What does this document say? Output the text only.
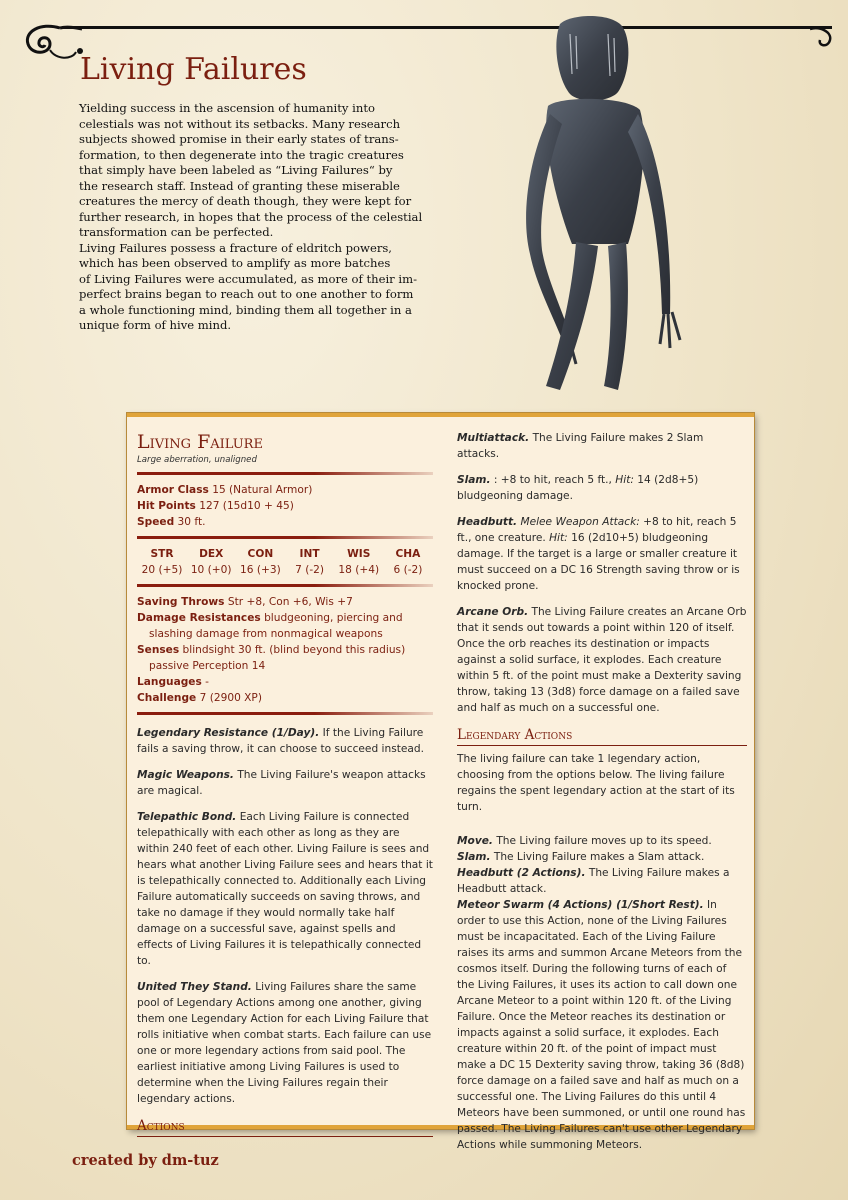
Living Failures

Yielding success in the ascension of humanity into
celestials was not without its setbacks. Many research
subjects showed promise in their early states of trans-
formation, to then degenerate into the tragic creatures
that simply have been labeled as “Living Failures“ by
the research staff. Instead of granting these miserable
creatures the mercy of death though, they were kept for
further research, in hopes that the process of the celestial
transformation can be perfected.
Living Failures possess a fracture of eldritch powers,
which has been observed to amplify as more batches
of Living Failures were accumulated, as more of their im-
perfect brains began to reach out to one another to form
a whole functioning mind, binding them all together in a
unique form of hive mind.

Living Failure
Large aberration, unaligned
Armor Class 15 (Natural Armor)
Hit Points 127 (15d10 + 45)
Speed 30 ft.
STR
20 (+5)
DEX
10 (+0)
CON
16 (+3)
INT
7 (-2)
WIS
18 (+4)
CHA
6 (-2)
Saving Throws Str +8, Con +6, Wis +7
Damage Resistances bludgeoning, piercing and
slashing damage from nonmagical weapons
Senses blindsight 30 ft. (blind beyond this radius)
passive Perception 14
Languages -
Challenge 7 (2900 XP)

Legendary Resistance (1/Day). If the Living Failure fails a saving throw, it can choose to succeed instead.

Magic Weapons. The Living Failure's weapon attacks are magical.

Telepathic Bond. Each Living Failure is connected telepathically with each other as long as they are within 240 feet of each other. Living Failure is sees and hears what another Living Failure sees and hears that it is telepathically connected to. Additionally each Living Failure automatically succeeds on saving throws, and take no damage if they would normally take half damage on a successful save, against spells and effects of Living Failures it is telepathically connected to.

United They Stand. Living Failures share the same pool of Legendary Actions among one another, giving them one Legendary Action for each Living Failure that rolls initiative when combat starts. Each failure can use one or more legendary actions from said pool. The earliest initiative among Living Failures is used to determine when the Living Failures regain their legendary actions.

Actions

Multiattack. The Living Failure makes 2 Slam attacks.

Slam. : +8 to hit, reach 5 ft., Hit: 14 (2d8+5) bludgeoning damage.

Headbutt. Melee Weapon Attack: +8 to hit, reach 5 ft., one creature. Hit: 16 (2d10+5) bludgeoning damage. If the target is a large or smaller creature it must succeed on a DC 16 Strength saving throw or is knocked prone.

Arcane Orb. The Living Failure creates an Arcane Orb that it sends out towards a point within 120 of itself. Once the orb reaches its destination or impacts against a solid surface, it explodes. Each creature within 5 ft. of the point must make a Dexterity saving throw, taking 13 (3d8) force damage on a failed save and half as much on a successful one.

Legendary Actions
The living failure can take 1 legendary action, choosing from the options below. The living failure regains the spent legendary action at the start of its turn.

Move. The Living failure moves up to its speed.

Slam. The Living Failure makes a Slam attack.

Headbutt (2 Actions). The Living Failure makes a Headbutt attack.

Meteor Swarm (4 Actions) (1/Short Rest). In order to use this Action, none of the Living Failures must be incapacitated. Each of the Living Failure raises its arms and summon Arcane Meteors from the cosmos itself. During the following turns of each of the Living Failures, it uses its action to call down one Arcane Meteor to a point within 120 ft. of the Living Failure. Once the Meteor reaches its destination or impacts against a solid surface, it explodes. Each creature within 20 ft. of the point of impact must make a DC 15 Dexterity saving throw, taking 36 (8d8) force damage on a failed save and half as much on a successful one. The Living Failures do this until 4 Meteors have been summoned, or until one round has passed. The Living Failures can't use other Legendary Actions while summoning Meteors.

created by dm-tuz
